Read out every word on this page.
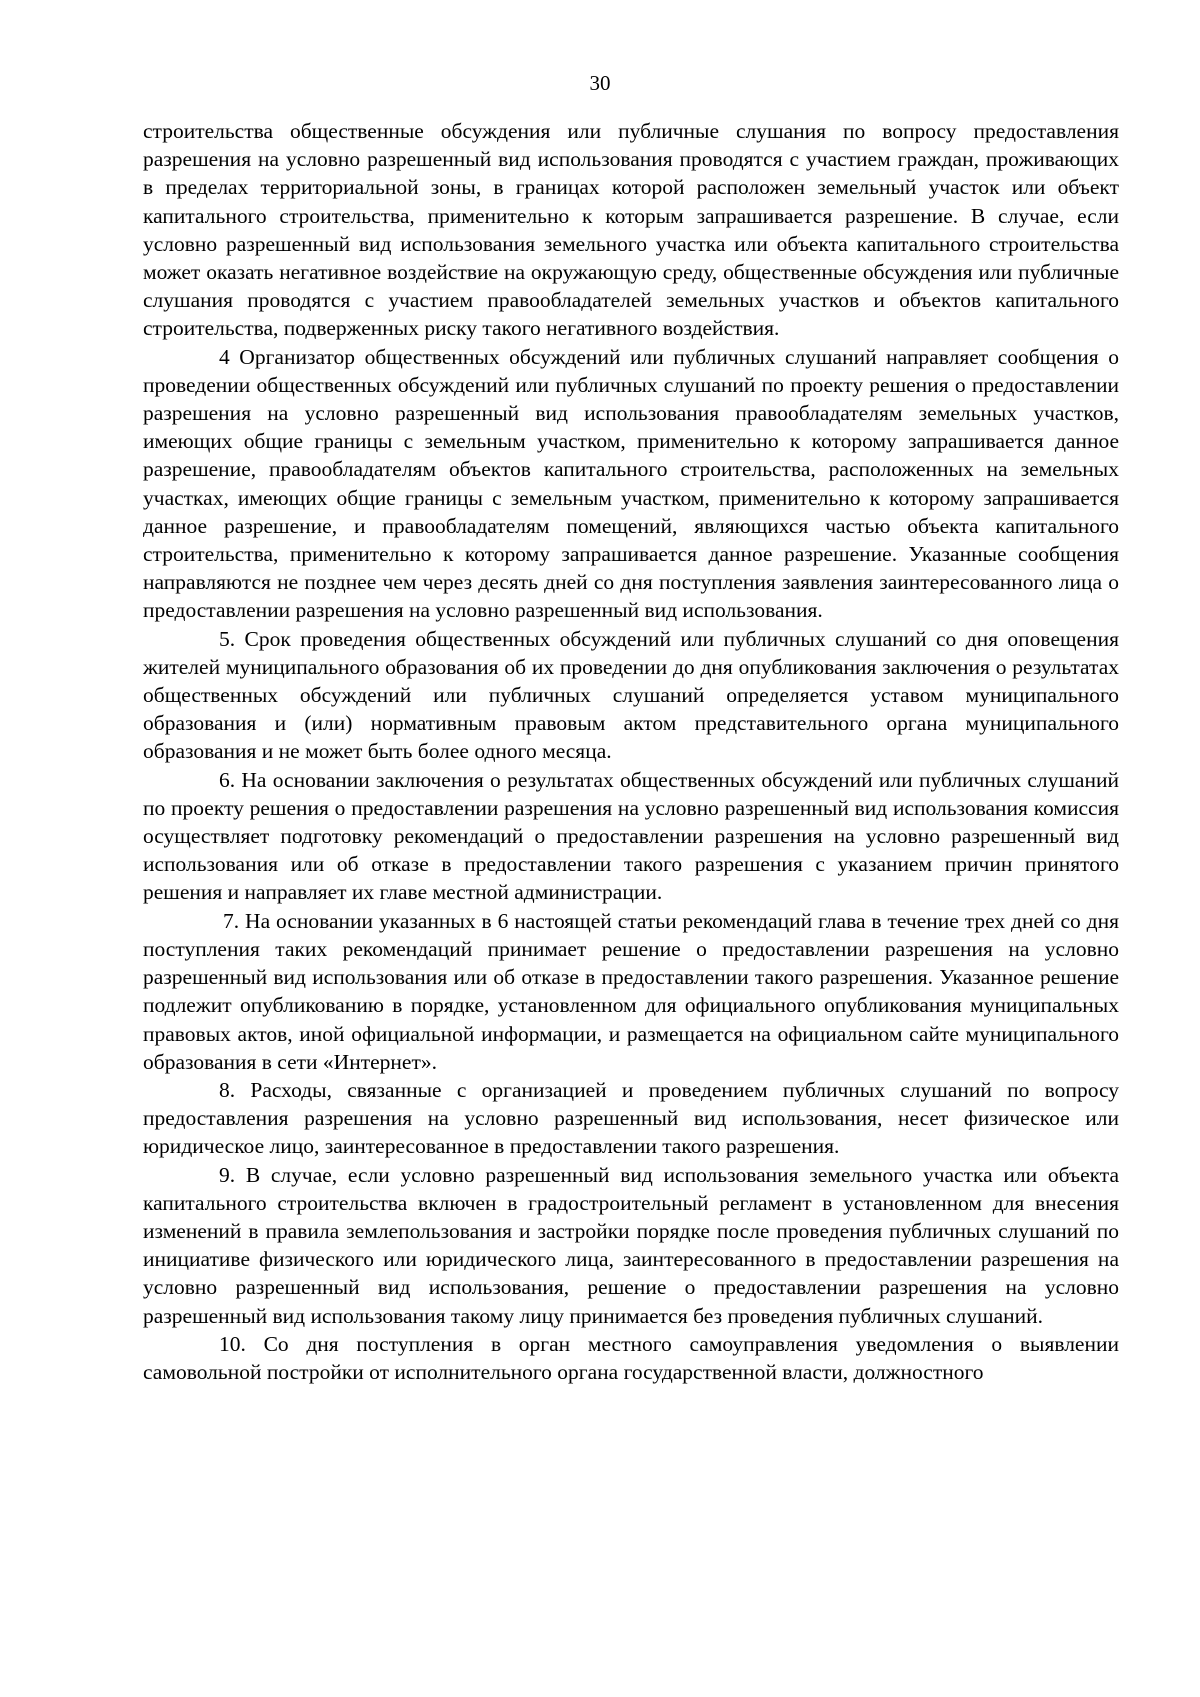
30

строительства общественные обсуждения или публичные слушания по вопросу предоставления разрешения на условно разрешенный вид использования проводятся с участием граждан, проживающих в пределах территориальной зоны, в границах которой расположен земельный участок или объект капитального строительства, применительно к которым запрашивается разрешение. В случае, если условно разрешенный вид использования земельного участка или объекта капитального строительства может оказать негативное воздействие на окружающую среду, общественные обсуждения или публичные слушания проводятся с участием правообладателей земельных участков и объектов капитального строительства, подверженных риску такого негативного воздействия.

4 Организатор общественных обсуждений или публичных слушаний направляет сообщения о проведении общественных обсуждений или публичных слушаний по проекту решения о предоставлении разрешения на условно разрешенный вид использования правообладателям земельных участков, имеющих общие границы с земельным участком, применительно к которому запрашивается данное разрешение, правообладателям объектов капитального строительства, расположенных на земельных участках, имеющих общие границы с земельным участком, применительно к которому запрашивается данное разрешение, и правообладателям помещений, являющихся частью объекта капитального строительства, применительно к которому запрашивается данное разрешение. Указанные сообщения направляются не позднее чем через десять дней со дня поступления заявления заинтересованного лица о предоставлении разрешения на условно разрешенный вид использования.

5. Срок проведения общественных обсуждений или публичных слушаний со дня оповещения жителей муниципального образования об их проведении до дня опубликования заключения о результатах общественных обсуждений или публичных слушаний определяется уставом муниципального образования и (или) нормативным правовым актом представительного органа муниципального образования и не может быть более одного месяца.

6. На основании заключения о результатах общественных обсуждений или публичных слушаний по проекту решения о предоставлении разрешения на условно разрешенный вид использования комиссия осуществляет подготовку рекомендаций о предоставлении разрешения на условно разрешенный вид использования или об отказе в предоставлении такого разрешения с указанием причин принятого решения и направляет их главе местной администрации.

7. На основании указанных в 6 настоящей статьи рекомендаций глава в течение трех дней со дня поступления таких рекомендаций принимает решение о предоставлении разрешения на условно разрешенный вид использования или об отказе в предоставлении такого разрешения. Указанное решение подлежит опубликованию в порядке, установленном для официального опубликования муниципальных правовых актов, иной официальной информации, и размещается на официальном сайте муниципального образования в сети «Интернет».

8. Расходы, связанные с организацией и проведением публичных слушаний по вопросу предоставления разрешения на условно разрешенный вид использования, несет физическое или юридическое лицо, заинтересованное в предоставлении такого разрешения.

9. В случае, если условно разрешенный вид использования земельного участка или объекта капитального строительства включен в градостроительный регламент в установленном для внесения изменений в правила землепользования и застройки порядке после проведения публичных слушаний по инициативе физического или юридического лица, заинтересованного в предоставлении разрешения на условно разрешенный вид использования, решение о предоставлении разрешения на условно разрешенный вид использования такому лицу принимается без проведения публичных слушаний.

10. Со дня поступления в орган местного самоуправления уведомления о выявлении самовольной постройки от исполнительного органа государственной власти, должностного
